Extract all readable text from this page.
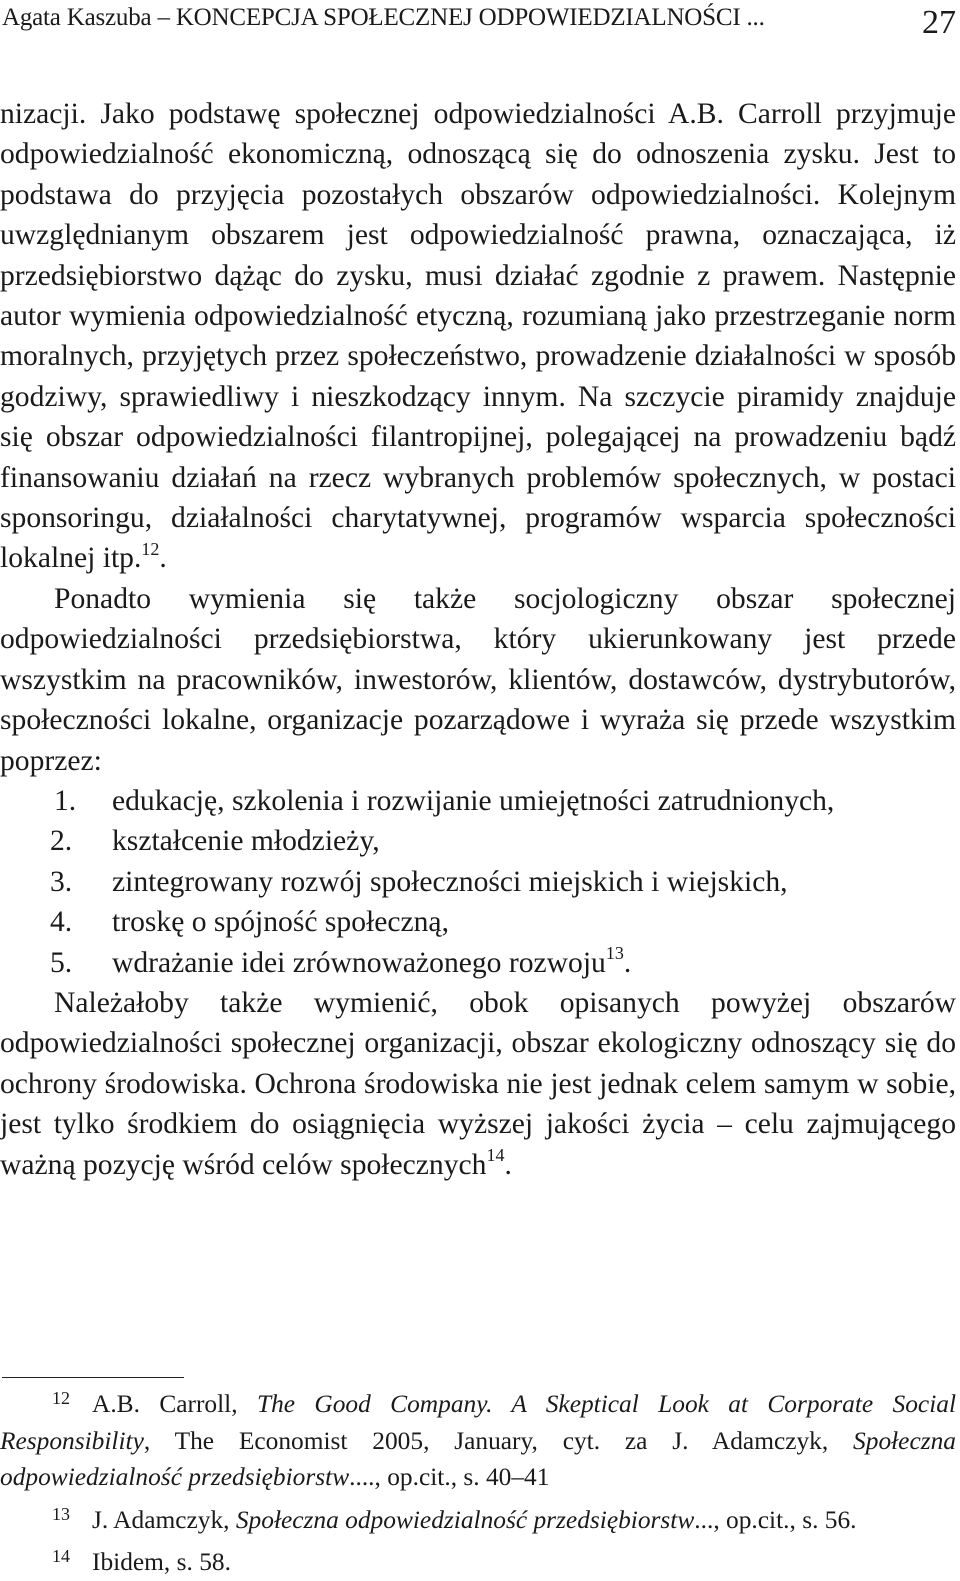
Agata Kaszuba – KONCEPCJA SPOŁECZNEJ ODPOWIEDZIALNOŚCI ...	27

nizacji. Jako podstawę społecznej odpowiedzialności A.B. Carroll przyjmuje odpowiedzialność ekonomiczną, odnoszącą się do odnoszenia zysku. Jest to podstawa do przyjęcia pozostałych obszarów odpowiedzialności. Kolejnym uwzględnianym obszarem jest odpowiedzialność prawna, oznaczająca, iż przedsiębiorstwo dążąc do zysku, musi działać zgodnie z prawem. Następnie autor wymienia odpowiedzialność etyczną, rozumianą jako przestrzeganie norm moralnych, przyjętych przez społeczeństwo, prowadzenie działalności w sposób godziwy, sprawiedliwy i nieszkodzący innym. Na szczycie piramidy znajduje się obszar odpowiedzialności filantropijnej, polegającej na prowadzeniu bądź finansowaniu działań na rzecz wybranych problemów społecznych, w postaci sponsoringu, działalności charytatywnej, programów wsparcia społeczności lokalnej itp.$^{12}$.

Ponadto wymienia się także socjologiczny obszar społecznej odpowiedzialności przedsiębiorstwa, który ukierunkowany jest przede wszystkim na pracowników, inwestorów, klientów, dostawców, dystrybutorów, społeczności lokalne, organizacje pozarządowe i wyraża się przede wszystkim poprzez:

1. edukację, szkolenia i rozwijanie umiejętności zatrudnionych,

2. kształcenie młodzieży,

3. zintegrowany rozwój społeczności miejskich i wiejskich,

4. troskę o spójność społeczną,

5. wdrażanie idei zrównoważonego rozwoju$^{13}$.

Należałoby także wymienić, obok opisanych powyżej obszarów odpowiedzialności społecznej organizacji, obszar ekologiczny odnoszący się do ochrony środowiska. Ochrona środowiska nie jest jednak celem samym w sobie, jest tylko środkiem do osiągnięcia wyższej jakości życia – celu zajmującego ważną pozycję wśród celów społecznych$^{14}$.

12 A.B. Carroll, The Good Company. A Skeptical Look at Corporate Social Responsibility, The Economist 2005, January, cyt. za J. Adamczyk, Społeczna odpowiedzialność przedsiębiorstw...., op.cit., s. 40–41

13 J. Adamczyk, Społeczna odpowiedzialność przedsiębiorstw..., op.cit., s. 56.

14 Ibidem, s. 58.
